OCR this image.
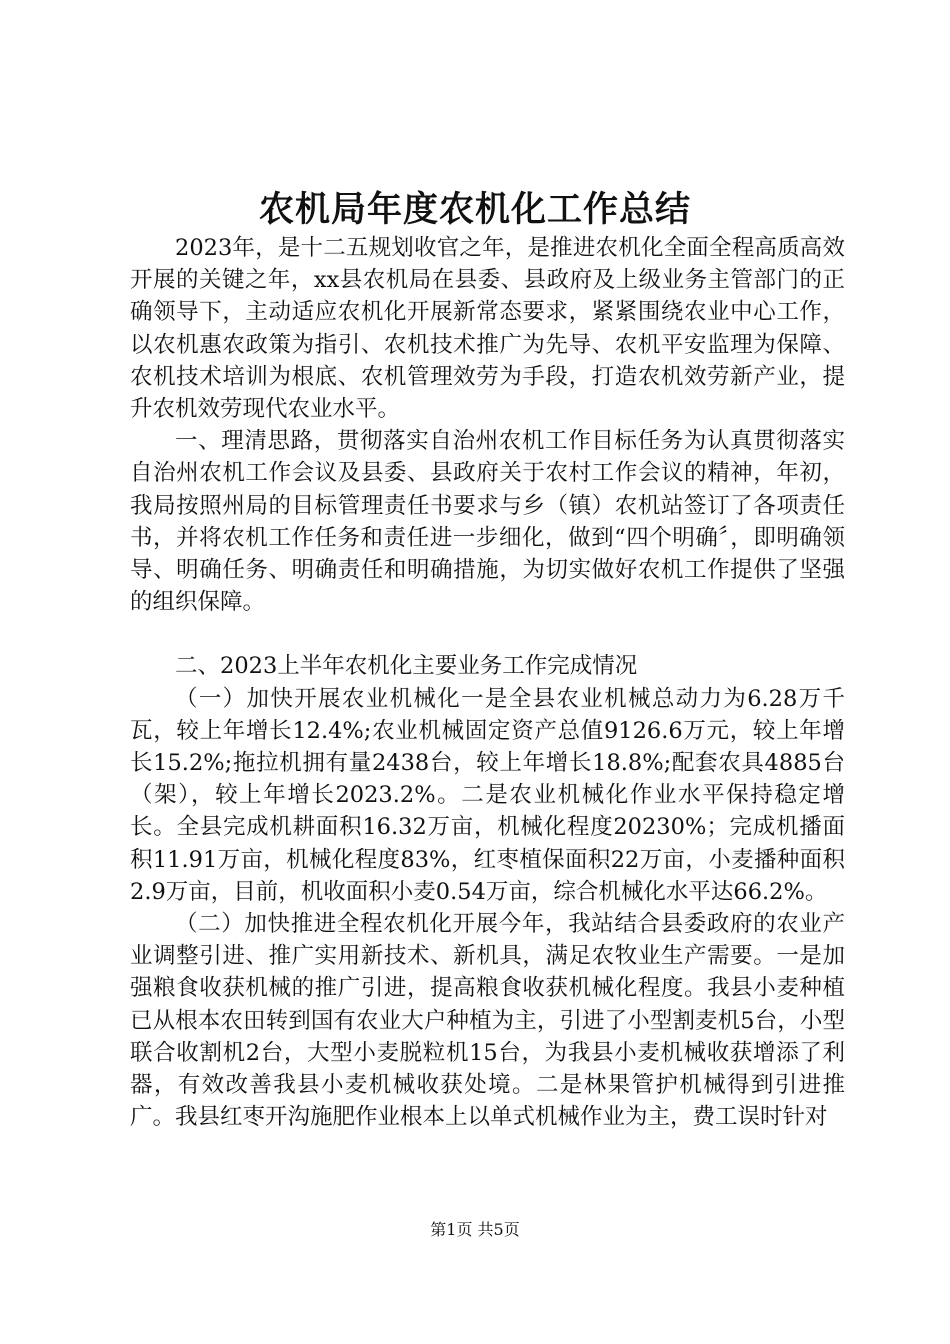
农机局年度农机化工作总结

2023年，是十二五规划收官之年，是推进农机化全面全程高质高效开展的关键之年，xx县农机局在县委、县政府及上级业务主管部门的正确领导下，主动适应农机化开展新常态要求，紧紧围绕农业中心工作，以农机惠农政策为指引、农机技术推广为先导、农机平安监理为保障、农机技术培训为根底、农机管理效劳为手段，打造农机效劳新产业，提升农机效劳现代农业水平。

一、理清思路，贯彻落实自治州农机工作目标任务为认真贯彻落实自治州农机工作会议及县委、县政府关于农村工作会议的精神，年初，我局按照州局的目标管理责任书要求与乡（镇）农机站签订了各项责任书，并将农机工作任务和责任进一步细化，做到“四个明确〞，即明确领导、明确任务、明确责任和明确措施，为切实做好农机工作提供了坚强的组织保障。

二、2023上半年农机化主要业务工作完成情况

（一）加快开展农业机械化一是全县农业机械总动力为6.28万千瓦，较上年增长12.4%;农业机械固定资产总值9126.6万元，较上年增长15.2%;拖拉机拥有量2438台，较上年增长18.8%;配套农具4885台（架），较上年增长2023.2%。二是农业机械化作业水平保持稳定增长。全县完成机耕面积16.32万亩，机械化程度20230%；完成机播面积11.91万亩，机械化程度83%，红枣植保面积22万亩，小麦播种面积2.9万亩，目前，机收面积小麦0.54万亩，综合机械化水平达66.2%。

（二）加快推进全程农机化开展今年，我站结合县委政府的农业产业调整引进、推广实用新技术、新机具，满足农牧业生产需要。一是加强粮食收获机械的推广引进，提高粮食收获机械化程度。我县小麦种植已从根本农田转到国有农业大户种植为主，引进了小型割麦机5台，小型联合收割机2台，大型小麦脱粒机15台，为我县小麦机械收获增添了利器，有效改善我县小麦机械收获处境。二是林果管护机械得到引进推广。我县红枣开沟施肥作业根本上以单式机械作业为主，费工误时针对

第1页 共5页
